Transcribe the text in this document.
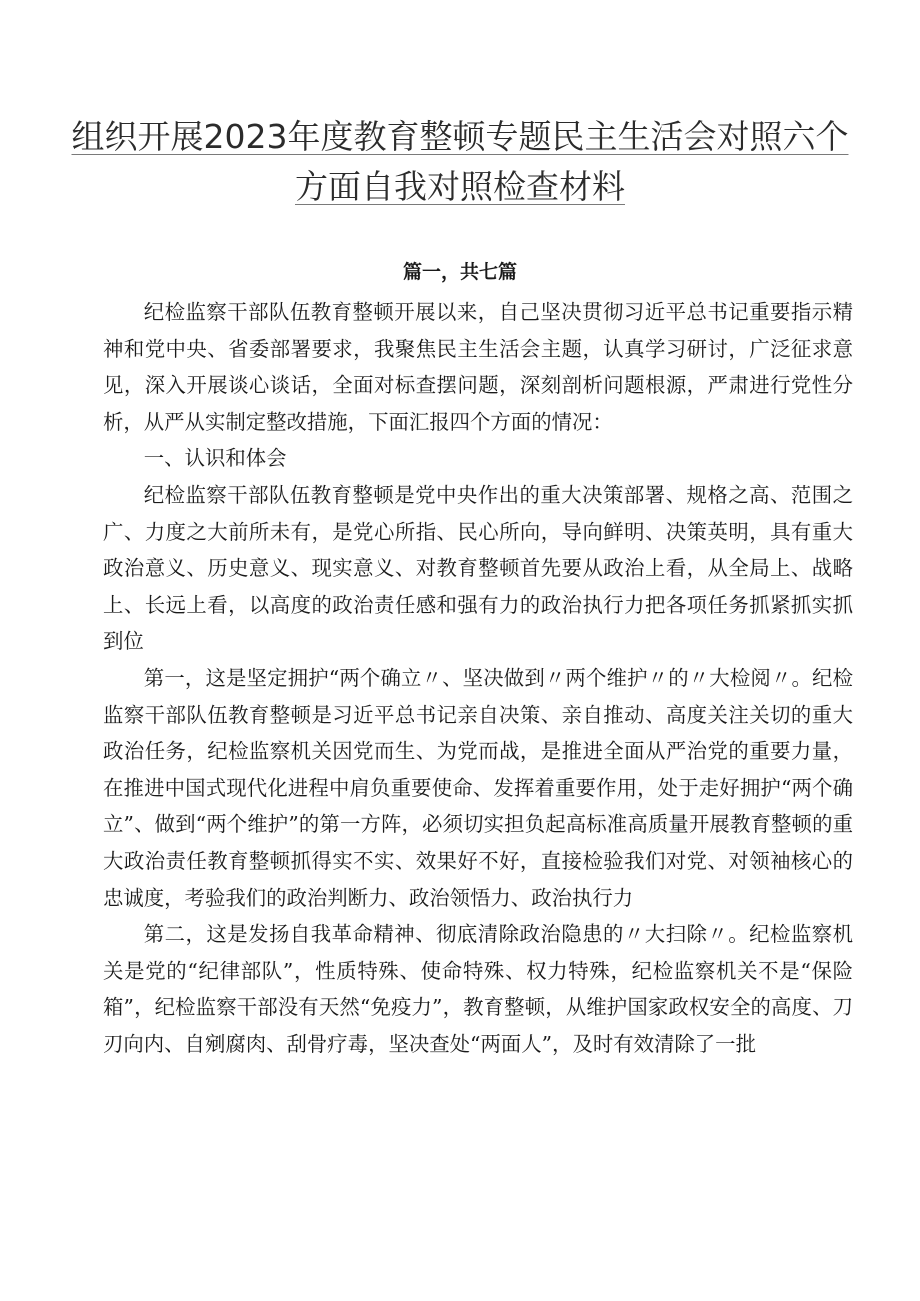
组织开展2023年度教育整顿专题民主生活会对照六个
方面自我对照检查材料
篇一，共七篇

纪检监察干部队伍教育整顿开展以来，自己坚决贯彻习近平总书记重要指示精神和党中央、省委部署要求，我聚焦民主生活会主题，认真学习研讨，广泛征求意见，深入开展谈心谈话，全面对标查摆问题，深刻剖析问题根源，严肃进行党性分析，从严从实制定整改措施，下面汇报四个方面的情况：

一、认识和体会

纪检监察干部队伍教育整顿是党中央作出的重大决策部署、规格之高、范围之广、力度之大前所未有，是党心所指、民心所向，导向鲜明、决策英明，具有重大政治意义、历史意义、现实意义、对教育整顿首先要从政治上看，从全局上、战略上、长远上看，以高度的政治责任感和强有力的政治执行力把各项任务抓紧抓实抓到位

第一，这是坚定拥护“两个确立〃、坚决做到〃两个维护〃的〃大检阅〃。纪检监察干部队伍教育整顿是习近平总书记亲自决策、亲自推动、高度关注关切的重大政治任务，纪检监察机关因党而生、为党而战，是推进全面从严治党的重要力量，在推进中国式现代化进程中肩负重要使命、发挥着重要作用，处于走好拥护“两个确立”、做到“两个维护”的第一方阵，必须切实担负起高标准高质量开展教育整顿的重大政治责任教育整顿抓得实不实、效果好不好，直接检验我们对党、对领袖核心的忠诚度，考验我们的政治判断力、政治领悟力、政治执行力

第二，这是发扬自我革命精神、彻底清除政治隐患的〃大扫除〃。纪检监察机关是党的“纪律部队”，性质特殊、使命特殊、权力特殊，纪检监察机关不是“保险箱”，纪检监察干部没有天然“免疫力”，教育整顿，从维护国家政权安全的高度、刀刃向内、自剜腐肉、刮骨疗毒，坚决查处“两面人”，及时有效清除了一批
